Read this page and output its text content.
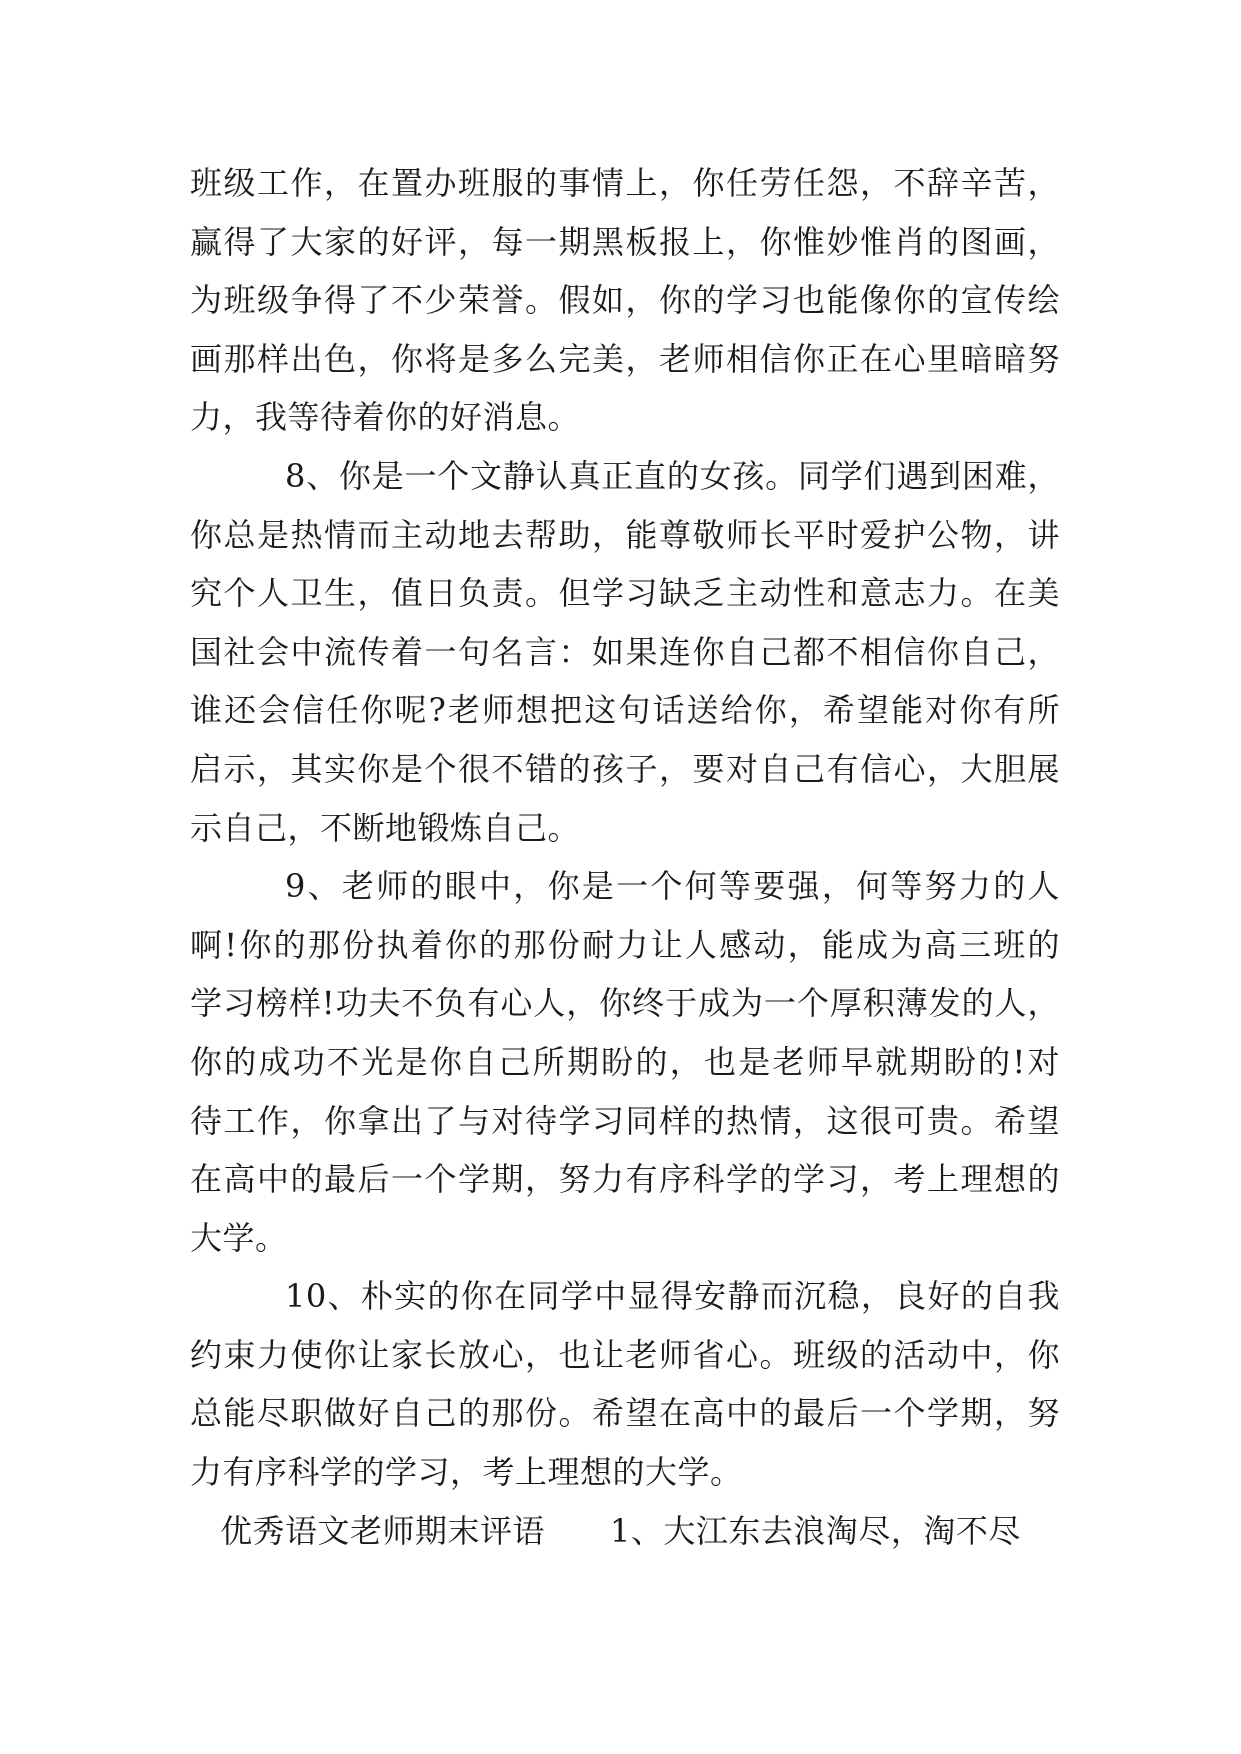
班级工作，在置办班服的事情上，你任劳任怨，不辞辛苦，
赢得了大家的好评，每一期黑板报上，你惟妙惟肖的图画，
为班级争得了不少荣誉。假如，你的学习也能像你的宣传绘
画那样出色，你将是多么完美，老师相信你正在心里暗暗努
力，我等待着你的好消息。
8、你是一个文静认真正直的女孩。同学们遇到困难，
你总是热情而主动地去帮助，能尊敬师长平时爱护公物，讲
究个人卫生，值日负责。但学习缺乏主动性和意志力。在美
国社会中流传着一句名言：如果连你自己都不相信你自己，
谁还会信任你呢?老师想把这句话送给你，希望能对你有所
启示，其实你是个很不错的孩子，要对自己有信心，大胆展
示自己，不断地锻炼自己。
9、老师的眼中，你是一个何等要强，何等努力的人
啊!你的那份执着你的那份耐力让人感动，能成为高三班的
学习榜样!功夫不负有心人，你终于成为一个厚积薄发的人，
你的成功不光是你自己所期盼的，也是老师早就期盼的!对
待工作，你拿出了与对待学习同样的热情，这很可贵。希望
在高中的最后一个学期，努力有序科学的学习，考上理想的
大学。
10、朴实的你在同学中显得安静而沉稳，良好的自我
约束力使你让家长放心，也让老师省心。班级的活动中，你
总能尽职做好自己的那份。希望在高中的最后一个学期，努
力有序科学的学习，考上理想的大学。
优秀语文老师期末评语　　1、大江东去浪淘尽，淘不尽
